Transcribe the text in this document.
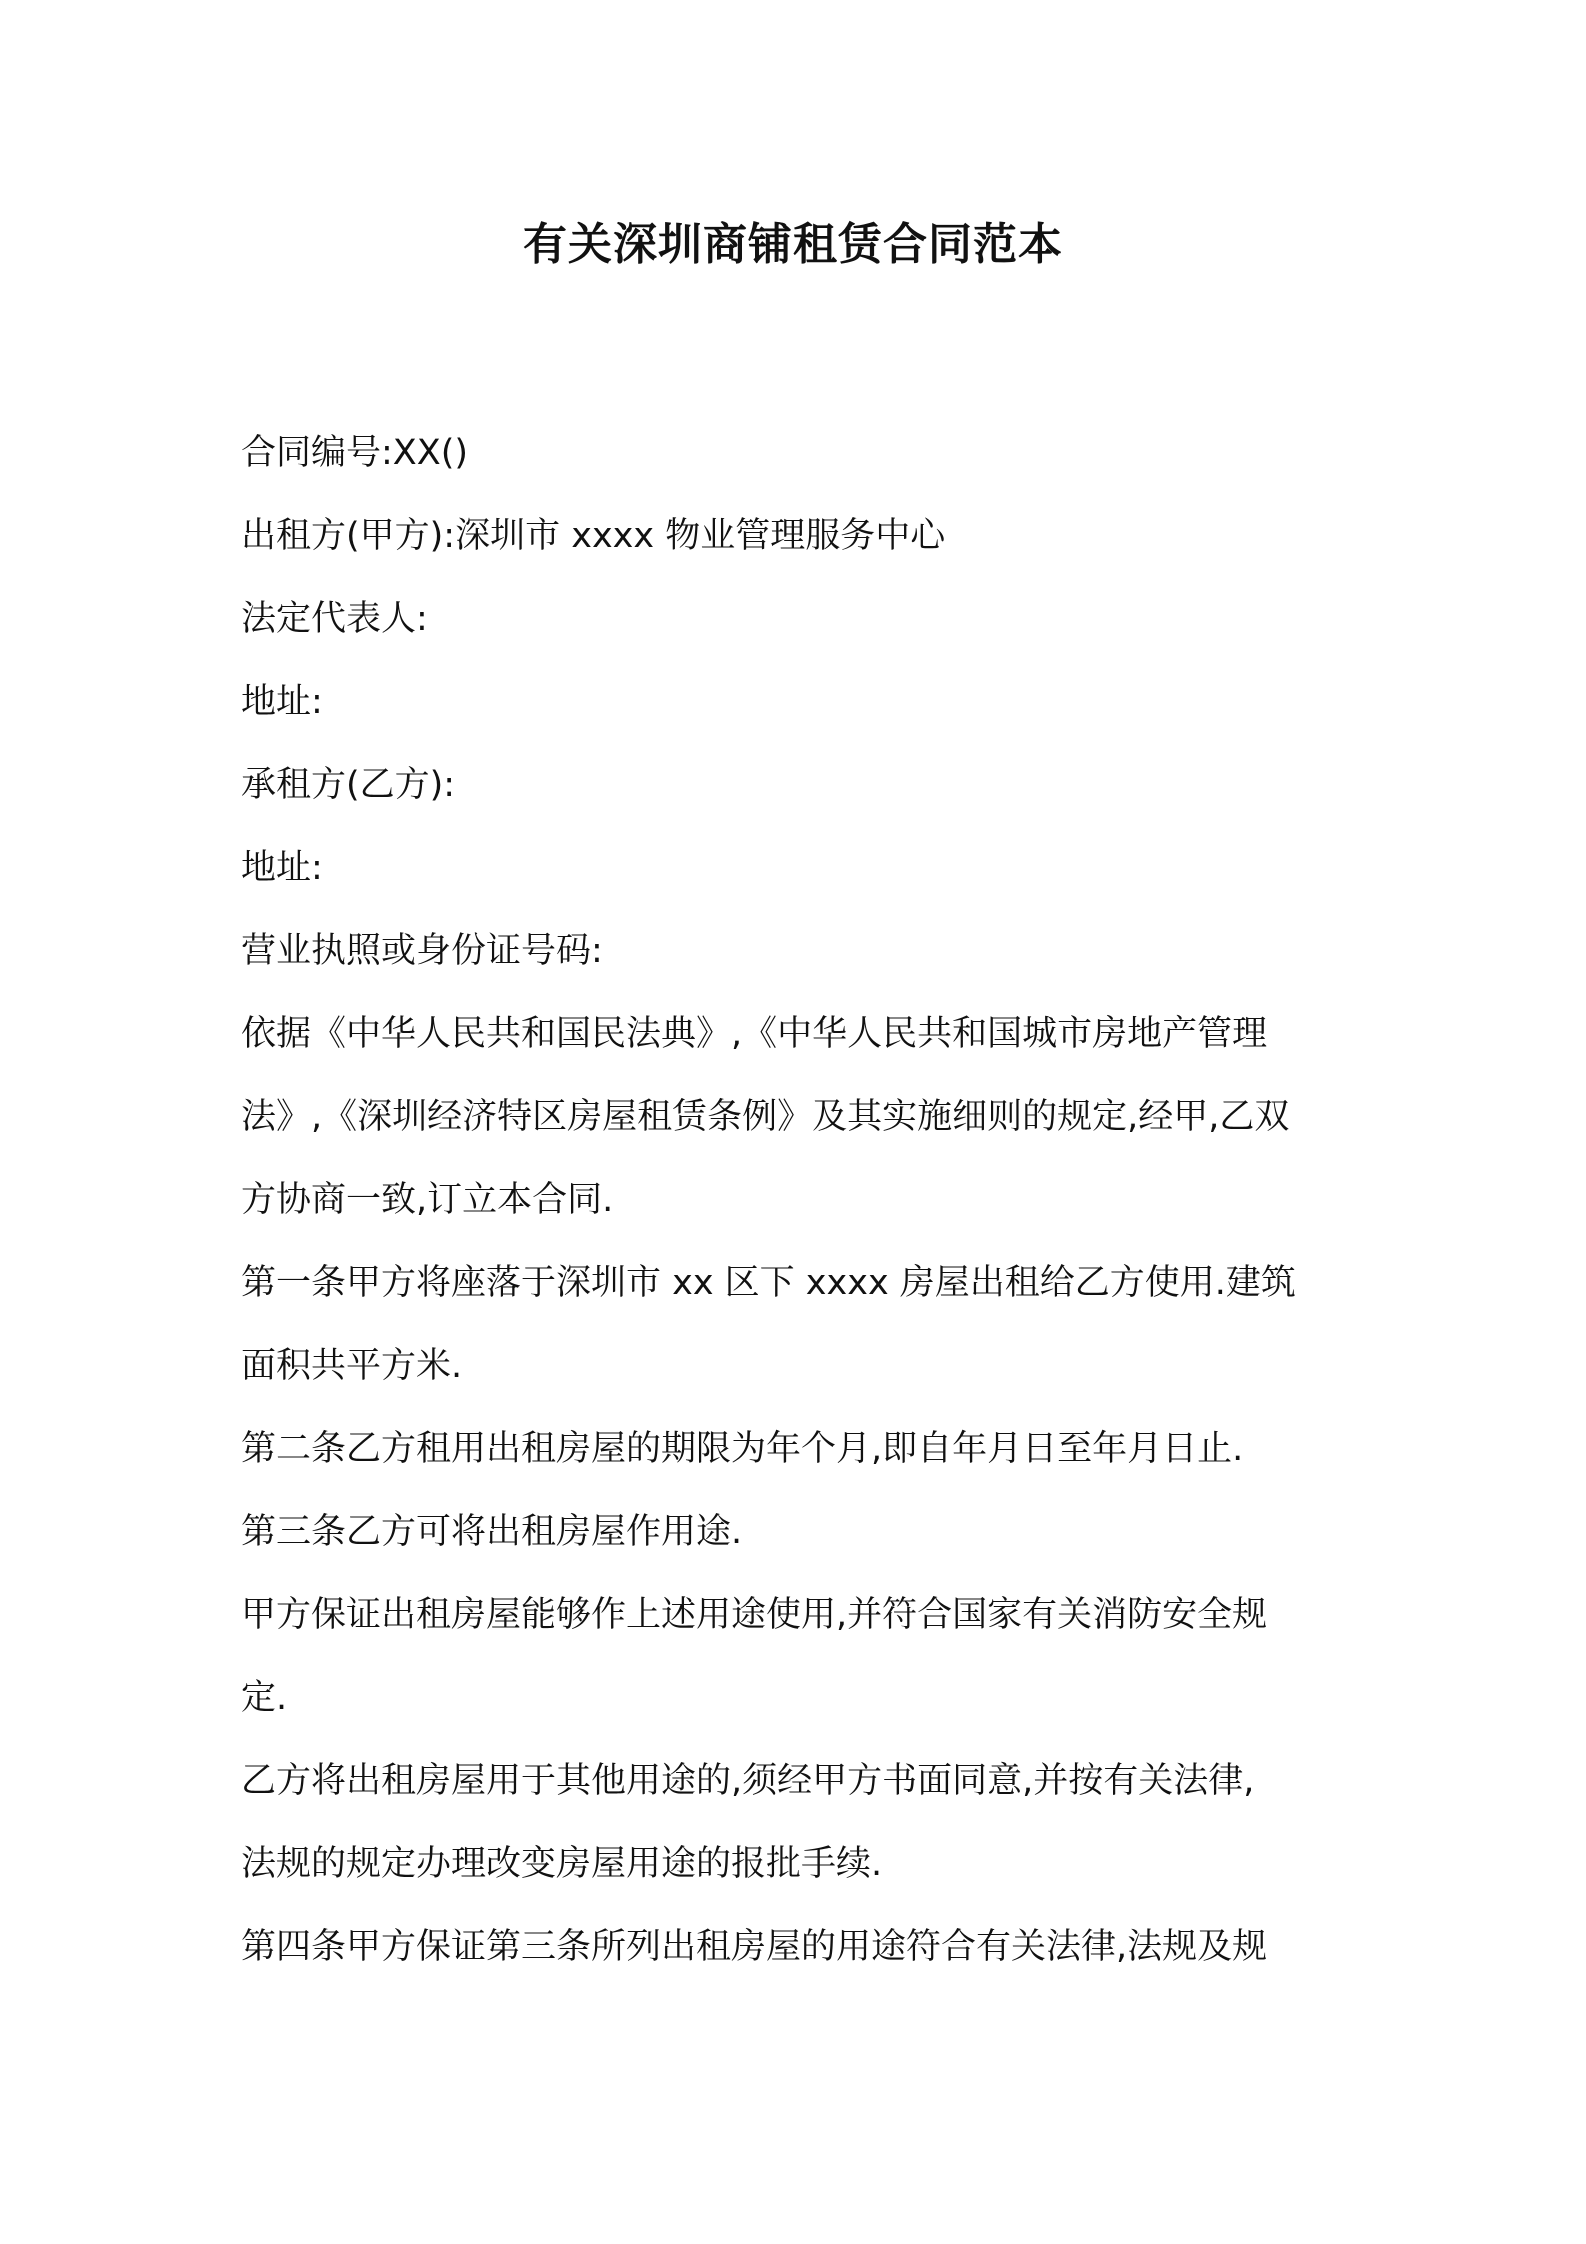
有关深圳商铺租赁合同范本

合同编号:XX()

出租方(甲方):深圳市 xxxx 物业管理服务中心

法定代表人:

地址:

承租方(乙方):

地址:

营业执照或身份证号码:

依据《中华人民共和国民法典》,《中华人民共和国城市房地产管理
法》,《深圳经济特区房屋租赁条例》及其实施细则的规定,经甲,乙双
方协商一致,订立本合同.

第一条甲方将座落于深圳市 xx 区下 xxxx 房屋出租给乙方使用.建筑
面积共平方米.

第二条乙方租用出租房屋的期限为年个月,即自年月日至年月日止.

第三条乙方可将出租房屋作用途.

甲方保证出租房屋能够作上述用途使用,并符合国家有关消防安全规
定.

乙方将出租房屋用于其他用途的,须经甲方书面同意,并按有关法律,
法规的规定办理改变房屋用途的报批手续.

第四条甲方保证第三条所列出租房屋的用途符合有关法律,法规及规
